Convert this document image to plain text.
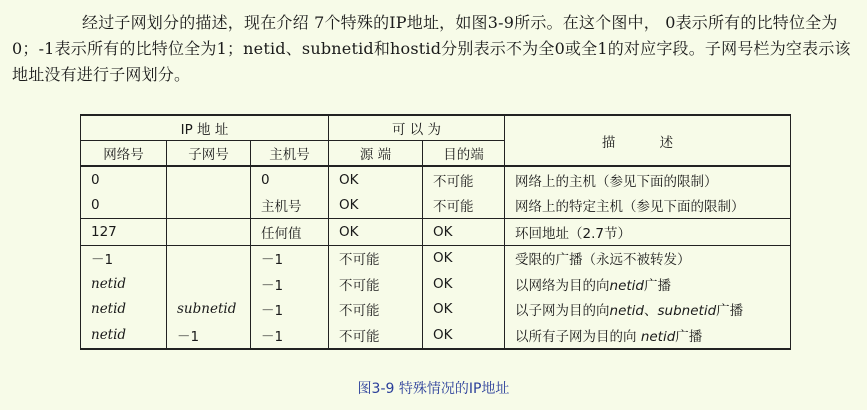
经过子网划分的描述，现在介绍 7个特殊的IP地址，如图3-9所示。在这个图中， 0表示所有的比特位全为0；-1表示所有的比特位全为1；netid、subnetid和hostid分别表示不为全0或全1的对应字段。子网号栏为空表示该地址没有进行子网划分。
IP 地 址			可 以 为		描 述
网络号	子网号	主机号	源 端	目的端	
0		0	OK	不可能	网络上的主机（参见下面的限制）
0		主机号	OK	不可能	网络上的特定主机（参见下面的限制）
127		任何值	OK	OK	环回地址（2.7节）
－1		－1	不可能	OK	受限的广播（永远不被转发）
netid		－1	不可能	OK	以网络为目的向netid广播
netid	subnetid	－1	不可能	OK	以子网为目的向netid、subnetid广播
netid	－1	－1	不可能	OK	以所有子网为目的向 netid广播
图3-9 特殊情况的IP地址
